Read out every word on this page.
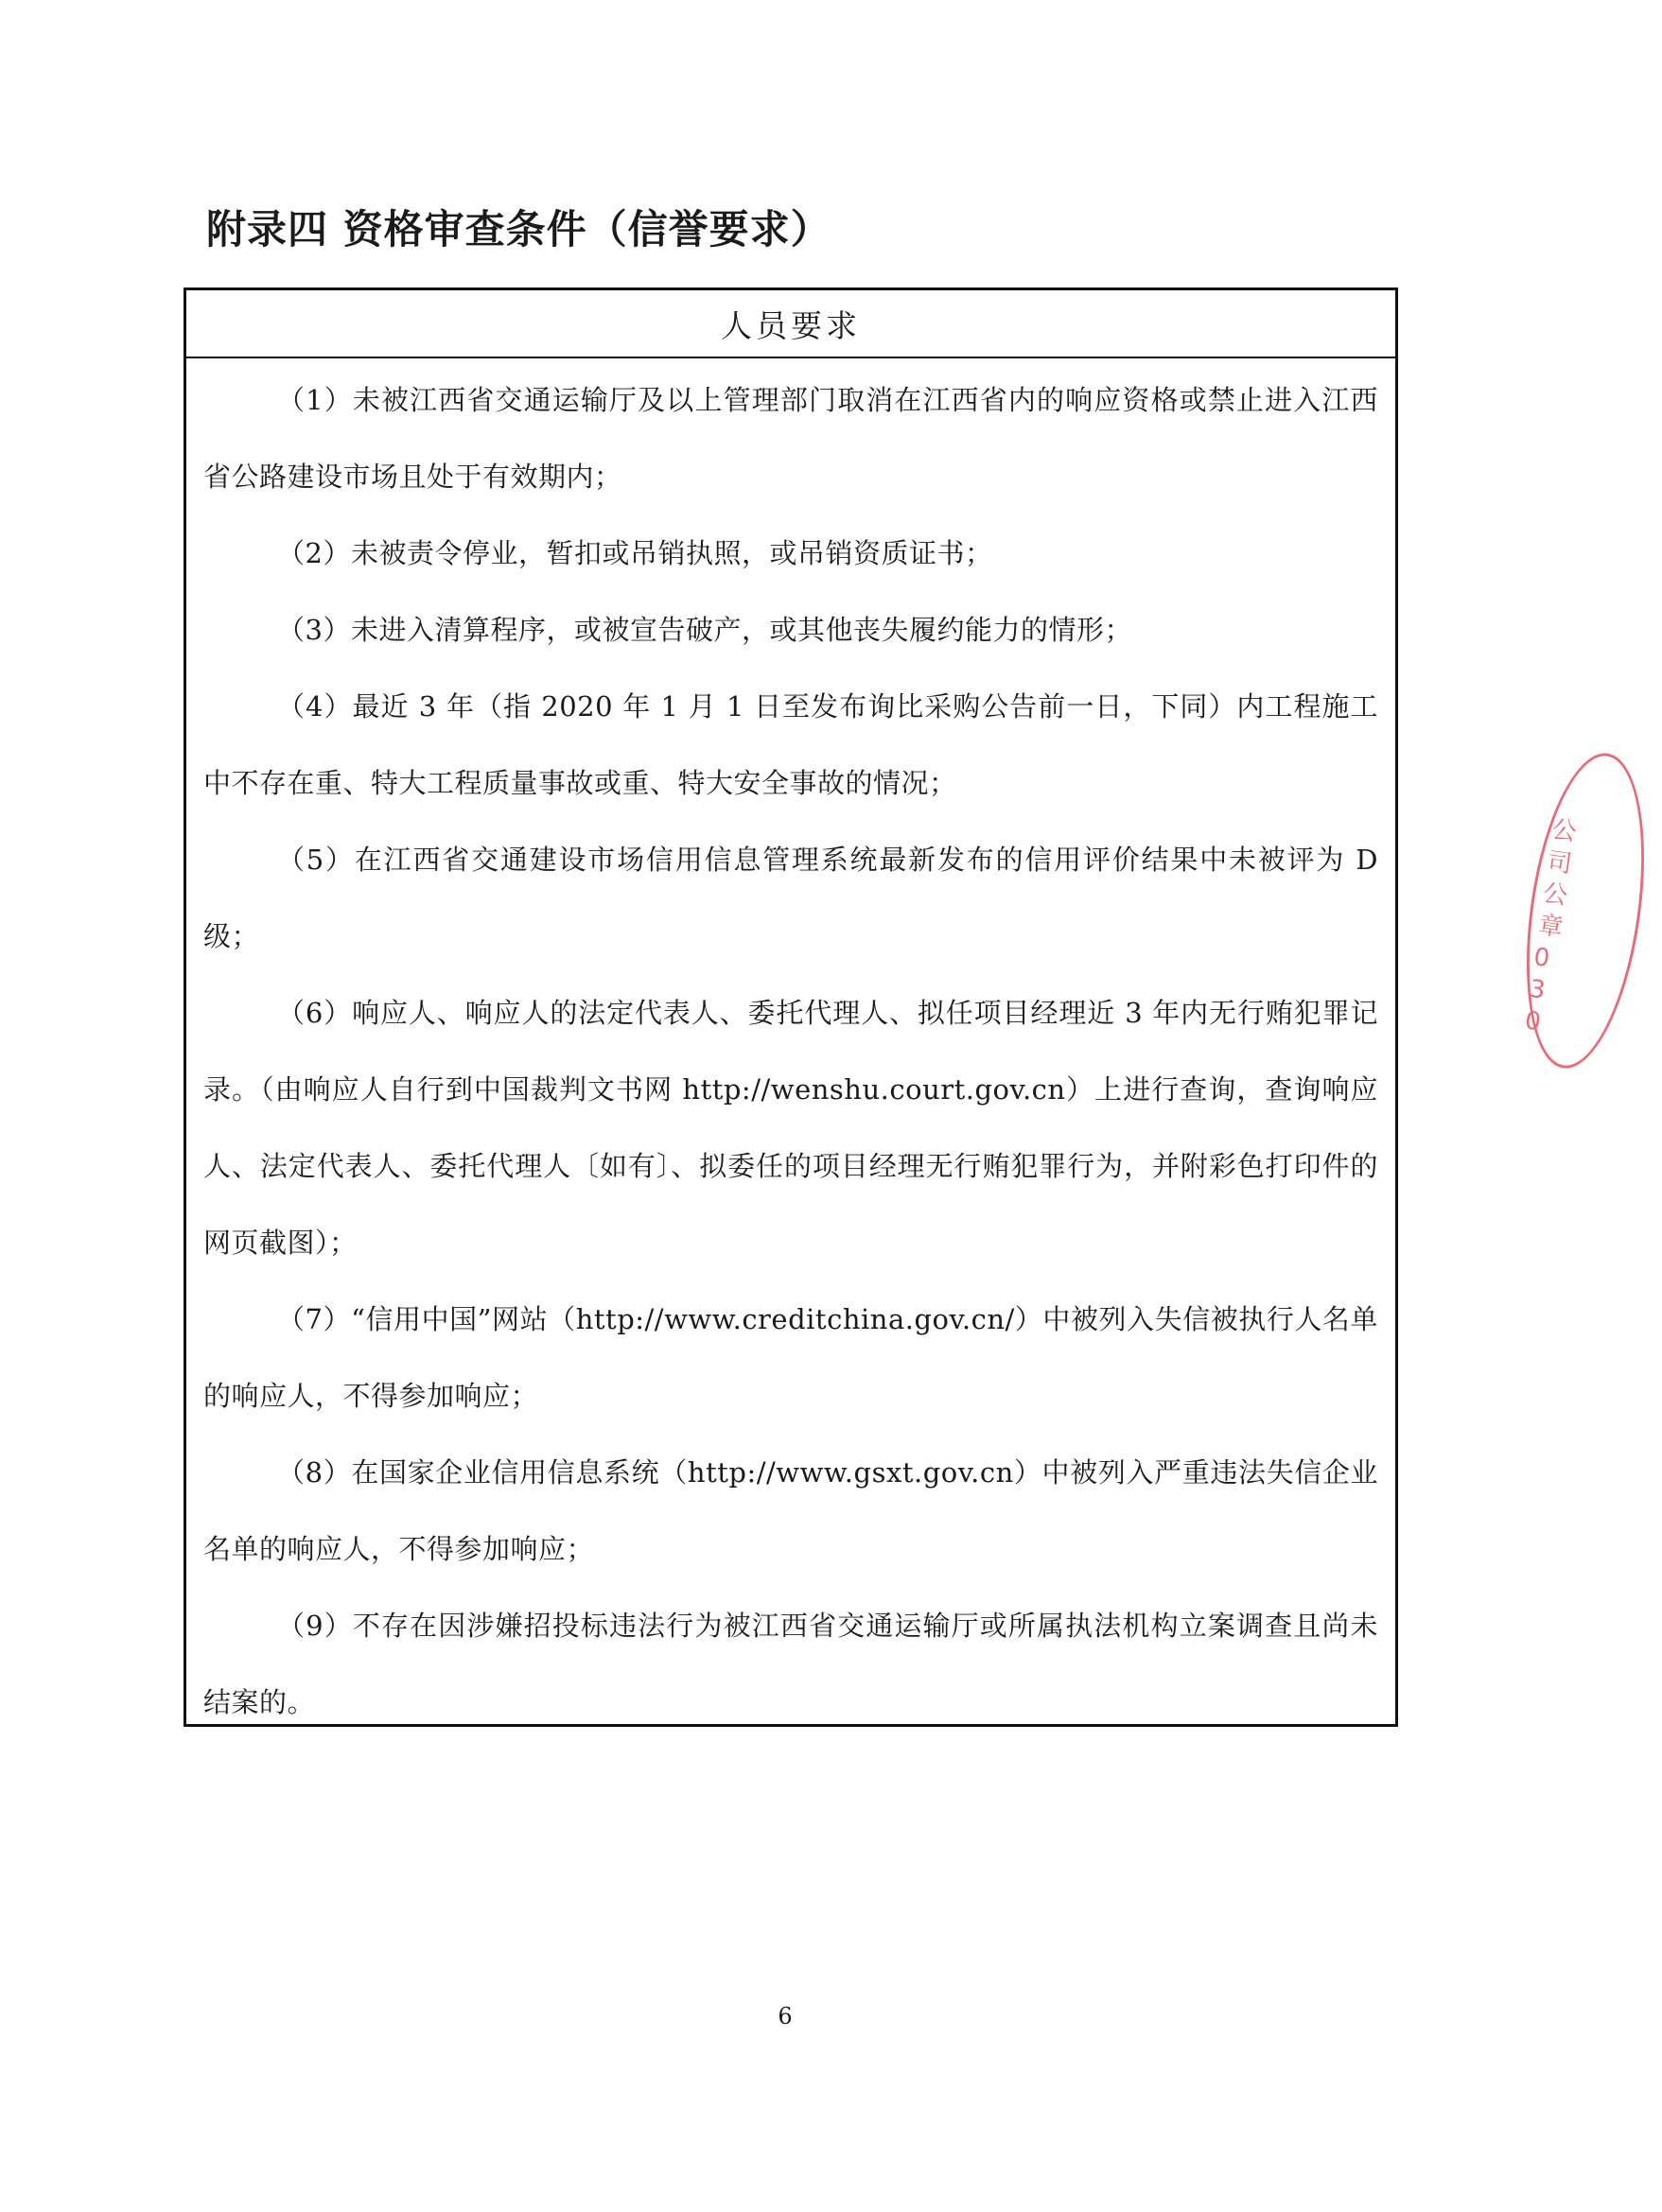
附录四 资格审查条件（信誉要求）
人员要求

（1）未被江西省交通运输厅及以上管理部门取消在江西省内的响应资格或禁止进入江西省公路建设市场且处于有效期内；

（2）未被责令停业，暂扣或吊销执照，或吊销资质证书；

（3）未进入清算程序，或被宣告破产，或其他丧失履约能力的情形；

（4）最近 3 年（指 2020 年 1 月 1 日至发布询比采购公告前一日，下同）内工程施工中不存在重、特大工程质量事故或重、特大安全事故的情况；

（5）在江西省交通建设市场信用信息管理系统最新发布的信用评价结果中未被评为 D 级；

（6）响应人、响应人的法定代表人、委托代理人、拟任项目经理近 3 年内无行贿犯罪记录。（由响应人自行到中国裁判文书网 http://wenshu.court.gov.cn）上进行查询，查询响应人、法定代表人、委托代理人〔如有〕、拟委任的项目经理无行贿犯罪行为，并附彩色打印件的网页截图）；

（7）“信用中国”网站（http://www.creditchina.gov.cn/）中被列入失信被执行人名单的响应人，不得参加响应；

（8）在国家企业信用信息系统（http://www.gsxt.gov.cn）中被列入严重违法失信企业名单的响应人，不得参加响应；

（9）不存在因涉嫌招投标违法行为被江西省交通运输厅或所属执法机构立案调查且尚未结案的。

6
公司 公章 030
